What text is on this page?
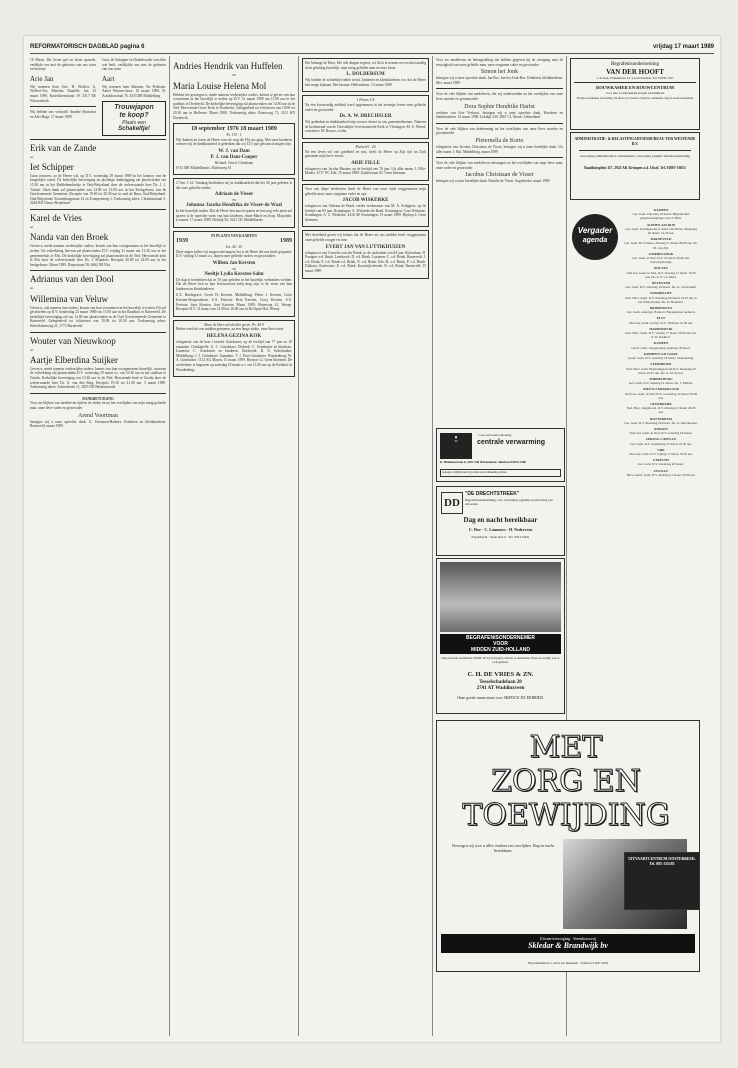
REFORMATORISCH DAGBLAD pagina 6	vrijdag 17 maart 1989

18 Maart. Die leven gaf en leven spaarde, verblijde ons met de geboorte van ons zoon en broertje

Arie Jan

Wij noemen hem Arie. H. Wolfert. A. Wolfert-Vos. Marieke. Daniëlle. Jan. 13 maart 1989. Kruisbloemstraat 19. 3317 NE Nieuwerkerk

Wij hebben ons verloofd: Anneke Bostelaar en Adri Hage. 17 maart 1989

Gaat, de Schepper en Onderhouder van alles wat leeft, verblijdde ons met de geboorte van ons zoon

Aart

Wij noemen hem Maarten. En Probsten. Aartel Prinsen-Jasse. 10 maart 1989. W. Arnoldusstraat 76. 4333 DB Middelburg

Trouwjapon
te koop?
Plaats een
Schakeltje!
Erik van de Zande
en
Iet Schipper

Gaan trouwen, zo de Heere wil, op D.V. woensdag 29 maart 1989 in het kantoor van de burgerlijke stand. De kerkelijke bevestiging en plechtige dankzegging zal plaatsvinden om 15.30 uur in het Bethlehemkerkje te Oud-Beijerland door de weleerwaarde heer Ds. J. J. Tuinier. Onze dank zal plaatsvinden van 14.00 tot 15.00 uur in het Kerkgebouw van de Gereformeerde Gemeente. Receptie van 19.00 tot 20.30 uur in zaal de Bron, Oud-Beijerland. Oud-Beijerland: Kronenburgstraat 14 en Trompetsteeg 1. Toekomstig adres: Christinastraat 5, 3264 RD Nieuw-Beijerland

Karel de Vries
en
Nanda van den Broek

Geven u, mede namens wederzijdse ouders, kennis van hun voorgenomen in het huwelijk te treden. De voltrekking hiervan zal plaatsvinden D.V. vrijdag 31 maart om 13.30 uur in het gemeentehuis te Elst. De kerkelijke bevestiging zal plaatsvinden in de Ned. Hervormde kerk te Elst door de weleerwaarde heer Ds. J. Mijnders. Receptie 20.00 tot 22.00 uur in het kerkgebouw. Maart 1989. Dorpsstraat 58, 6662 NE Elst

Adrianus van den Dool
en
Willemina van Veluw

Geven u, ook namens hun ouders, kennis van hun voornemen in het huwelijk te treden. Dit zal geschieden op D.V. donderdag 23 maart 1989 om 11.00 uur in het Raadhuis te Barneveld. De kerkelijke bevestiging zal om 14.00 uur plaatsvinden in de Oud Gereformeerde Gemeente te Barneveld. Gelegenheid tot feliciteren van 19.00 tot 20.30 uur. Toekomstig adres: Hoevelakenweg 21, 3772 Barneveld

Wouter van Nieuwkoop
en
Aartje Elberdina Suijker

Geven u, mede namens wederzijdse ouders, kennis van hun voorgenomen huwelijk, waarvan de voltrekking zal plaatsvinden D.V. woensdag 29 maart a.s. om 10.30 uur in het stadhuis te Gouda. Kerkelijke bevestiging om 13.30 uur in de Ned. Hervormde kerk te Gouda door de weleerwaarde heer Ds. A. van den Berg. Receptie 19.30 tot 21.00 uur. 3 maart 1989. Toekomstig adres: Achterbroek 11, 2825 ND Berkenwoude

DANKBETUIGING

Voor uw blijken van medeleven tijdens de ziekte en na het overlijden van mijn innig geliefde man, onze lieve vader en grootvader

Arend Voortman

betuigen wij u onze oprechte dank. G. Voortman-Harbers. Kinderen en kleinkinderen. Barneveld, maart 1989

Andries Hendrik van Huffelen
en
Maria Louise Helena Mol

Hebben het genoegen u, mede namens wederzijdse ouders, kennis te geven van hun voornemen in het huwelijk te treden op D.V. 31 maart 1989 om 11.00 uur in het stadhuis te Dordrecht. De kerkelijke bevestiging zal plaatsvinden om 14.00 uur in de Ned. Hervormde Grote Kerk te Dordrecht. Gelegenheid tot feliciteren van 19.00 tot 20.30 uur in Bellevue. Maart 1989. Toekomstig adres: Patersweg 71, 3311 KN Dordrecht

18 september 1976 18 maart 1989
Ps. 119 : 1

Wij danken en loven de Heere voor de weg die Hij ons ging. Met onze kinderen wensen wij de dankbaarheid te gedenken dat wij 12½ jaar getrouwd mogen zijn.

W. J. van Dam
P. J. van Dam-Cooper
Richard. Gerrit. Christiaan

6741 MR Middelharnis. Molenweg 61

2 Tim. 1:14. Vandaag herdenken wij in dankbaarheid dat het 40 jaar geleden is dat onze geliefde ouders

Adriaan de Visser
en
Johanna Jacoba Hendrika de Visser-de Waal

In het huwelijk traden. Dat de Heere hen mocht sparen en hen nog vele jaren zal sparen is de oprechte wens van hun kinderen. Anne-Marie en Joop. Marjolein. Leonard. 17 maart 1989. Hofdijk 56, 3241 CK Middelharnis

IN PLAATS VAN KAARTEN
1939	1989
Jes. 46 : 10

Deze zegen zullen wij mogen ontvangen; het is de Heere die ons heeft gespaard. D.V. vrijdag 31 maart a.s. hopen onze geliefde ouders en grootouders

Willem Jan Kersten
en
Neeltje Lydia Kersten-Salm

De dag te herdenken dat ze 50 jaar geleden in het huwelijk verbonden werden. Dat de Heere hen in hun levensavond nabij mag zijn, is de wens van hun kinderen en kleinkinderen.

Z.A. Hardegrave: Gerrit H. Kersten. Middelburg: Pieter J. Kersten, Corla Kersten-Hoogendoorn. S.A. Pretoria: Rein Kersten, Corry Kersten. S.A. Pretoria: Sara Kersten, Aart Kersten. Maart 1989. Waterweg 41, Wezep. Receptie D.V. 31 maart van 14.00 tot 16.00 uur in De Open Hof, Wezep

Maar de Heer zal ulieden geven. Ps. 46:9

Heden werd uit ons midden genomen, na een lange ziekte, onze lieve tante

HELENA GEZINA KOK

echtgenote van de heer Cornelis Grinduizer, op de leeftijd van 77 jaar en 10 maanden. Oostkapelle: G. C. Grinduizer. Dishoek: C. Grinduizer en kinderen. Lunteren: C. Grinduizer en kinderen. Dordrecht: B. N. Schrolanker. Middelburg: J. J. Grinduizer. Zaandam: T. J. Post-Grinduizer. Woudenberg: W. A. Grinduizer. 1114 AG Maarn, 15 maart 1989. Rietsyn 12. Geen bloemen. De overledene is begraven op zaterdag 18 maart a.s. om 11.00 uur op de Kerkhof in Woudenberg.

Het behaagt de Heer, Die alle dingen regeert, tot Zich te nemen na een kortstondig doch gelukkig huwelijk, mijn innig geliefde man en onze broer

L. DOLDERSUM

Wij bidden de achterblijvenden troost, kinderen en kleinkinderen toe, dat de Heere hen moge bijstaan. Het bestuur. Hellendoorn, 15 maart 1989

1 Petrus 5:4

Na een kortstondig ziekbed werd opgenomen in het eeuwige leven onze geliefde vader en grootvader

Ds. A. W. DRECHSLER

Wij gedenken in dankbaarheid zijn trouwe dienst in ons gemeentebestuur. Namens de kerkenraad van de Christelijke Gereformeerde Kerk te Vlissingen: M. A. Weerd, voorzitter; M. Rouws, scriba

Psalm 63 : 26

Na een leven vol van goedheid en rust, heeft de Heere op Zijn tijd tot Zich genomen mijn lieve vrouw

ARIE FILLE

echtgenoot van Jacoba Maaters op de leeftijd van 76 jaar. Uit aller naam: J. Fille-Maters. 6717 NC Ede, 15 maart 1989. Zuiderstraat 63. Geen bloemen.

Voor ons diepe leedwezen heeft de Heere van onze zijde weggenomen mijn geliefde man, onze zorgzame vader en opa

JACOB WISKERKE

echtgenoot van Adriana de Braal, eerder weduwnaar van M. A. Schippers, op de leeftijd van 85 jaar. Kruiningen: A. Wiskerke-de Braal. Kruiningen: Cora Wiskerke. Kruiningen: A. C. Wiskerke. 4416 AE Kruiningen, 15 maart 1989. Bijdorp 4. Geen bloemen.

Met droefheid geven wij kennis dat de Heere uit ons midden heeft weggenomen onze geliefde zwager en oom

EVERT JAN VAN LUTTIKHUIZEN

echtgenoot van Cornelia van der Brink, in de ouderdom van 84 jaar. Rotterdam: D. Prangers-v.d. Brink. Leerbroek: D. v.d. Brink. Lunteren: C. v.d. Brink. Barneveld: J. v.d. Brink, F. v.d. Brink-v.d. Brink, N. v.d. Brink. Ede: H. v.d. Brink, P. v.d. Brink-Dijkstra. Oudewater: E. v.d. Brink. Kootwijkerbroek: R. v.d. Brink. Barneveld, 15 maart 1989

Voor uw medeleven en belangstelling dat hebben gegeven bij de overgang naar de eeuwigheid van onze geliefde man, onze zorgzame vader en grootvader

Simon het Jonk

betuigen wij u onze oprechte dank. Jan Bos. Jan het Jonk-Bos. Kinderen, kleinkinderen. Mei, maart 1989

Voor de vele blijken van medeleven, die wij ondervonden na het overlijden van onze lieve moeder en grootmoeder

Dora Sophie Hendrike Harfst

weduwe van Arie Verhorst, betuigen wij u onze oprechte dank. Kinderen en kleinkinderen. 15 maart 1989. Lekdijk 330. 2867 CL Nieuw-Lekkerland

Voor de vele blijken van deelneming na het overlijden van onze lieve moeder en grootmoeder

Pieternella de Korte

echtgenote van Jacobus Christiaan de Visser, betuigen wij u onze hartelijke dank. Uit aller naam: J. Bal. Middelburg, maart 1989

Voor de vele blijken van medeleven ontvangen na het overlijden van mijn lieve man, onze vader en grootvader

Jacobus Christiaan de Visser

betuigen wij u onze hartelijke dank. Familie de Visser. Aagtekerke, maart 1989

◼
W
...voor een totale oplossing
centrale verwarming
Ir. Blankenstraat 6, 4251 NR Werkendam. Telefoon 01835-2380
Gelegen vrijblijvend bij u thuis een vakkundig advies.
DD
"DE DRECHTSTREEK"
Begrafenisonderneming, voor verzorging, regeling en uitvoering van uitvaarten
Dag en nacht bereikbaar
C. Wor · C. Lommers · H. Nederveen
Papendrecht · Oude Veer 9 · Tel. 078-152941
BEGRAFENISONDERNEMER
VOOR
MIDDEN ZUID-HOLLAND
Dag en nacht bereikbaar 01828-14719 (5 lijnen). Overal te ontbieden. Prast en eerlijk, wat er ook gebeurt.
C. H. DE VRIES & ZN.
Tesselschadelaan 20
2741 AT Waddinxveen
Onze goede naam staat voor SERVICE EN EERBIED.
MET
ZORG EN
TOEWIJDING
Verzorgen wij voor u alles rondom een overlijden. Dag en nacht bereikbaar.
Uitvaartverzorging · Steenhouwerij
Skledar & Brandwijk bv
Nijverheidsstraat 1, 4231 AL Meerkerk · Telefoon 01837-2056
Begrafenisonderneming
VAN DER HOOFT
J. de Kok, Prunusstraat 25, 's-Gravenzande. Tel. 01830-1617
ROUWKAMER EN ROUWCENTRUM
voor alle voorkomende zorgen beschikbaar
Tevens rouwkamer en koeling om thuis op te baren. Overal te ontbieden, dag en nacht bereikbaar.
ADMINISTRATIE- & BELASTINGADVIESBUREAU TER WESTENDE B.V.
verzorging administratieve ondernemers, verzorging aangifte inkomstenbelasting
Raadhuisplein 117, 2922 AK Krimpen a.d. IJssel. Tel. 01807-16655
Vergader
agenda
KAMPEN
Ger. Gem. Zaterdag 18 maart: Bijeenkomst jeugdverenigingen. Ds. P. Blok.
ALPHEN A/D RIJN
Ger. Gem. Zondagsschool: Anna van Buren. Maandag 20 maart, 19.30 uur.
BARNEVELD
Ger. Gem. De Schutse, dinsdag 21 maart 20.00 uur. Ds. M. van Zijl.
SOMMELSDIJK
Ger. Gem. in Ned. D.V. 16 maart 20.00 uur. Jaarvergadering.
BOLNES
Oud Ger. Gem. in Ned. D.V. dinsdag 21 maart 19.30 uur. Ds. A. P. v.d. Meer.
DEVENTER
Ger. Gem. D.V. zaterdag 18 maart. Ds. A. van Roekel.
DORDRECHT
Ned. Herv. Kerk. D.V. maandag 20 maart 19.45 uur in het Witte Kerkje. Ds. D. Hoekstra.
DRIEBERGEN
Ger. Gem. zaterdag 18 maart. Bijeenkomst ouderen.
ELST
Oud Ger. Gem. in Ned. D.V. 18 maart 14.30 uur.
HARDERWIJK
Ned. Herv. Kerk. D.V. vrijdag 17 maart 20.00 uur. Ds. P. W. Kerkhof.
KAMPEN
Geref. Gem. Jongerendag zaterdag 18 maart.
KRIMPEN A/D IJSSEL
Geref. Gem. D.V. zaterdag 18 maart. Vergadering.
LEERBROEK
Ned. Herv. Gem. Bezinningsavond D.V. maandag 20 maart 19.45 uur. Ds. A. M. Kroon.
MIDDELBURG
Ger. Gem. D.V. dinsdag 21 maart. Ds. J. Mulder.
NIEUW-LEKKERLAND
Oud Ger. Gem. in Ned. D.V. woensdag 22 maart 20.00 uur.
OUDERKERK
Ned. Herv. Jeugdbond. D.V. dinsdag 21 maart 20.00 uur.
ROTTERDAM
Ger. Gem. D.V. maandag 20 maart. Ds. A. Moerkerken.
RIJSSEN
Oud Ger. Gem. in Ned. D.V. zaterdag 18 maart.
SPRANG-CAPELLE
Ger. Gem. D.V. donderdag 23 maart 19.30 uur.
URK
Oud Ger. Gem. D.V. vrijdag 17 maart 19.30 uur.
UTRECHT
Ger. Gem. D.V. maandag 20 maart.
ZWOLLE
Herv. Geref. Gem. D.V. dinsdag 21 maart 20.00 uur.
UITVAARTCENTRUM OOSTERBEEK. Tel. 085-335183
